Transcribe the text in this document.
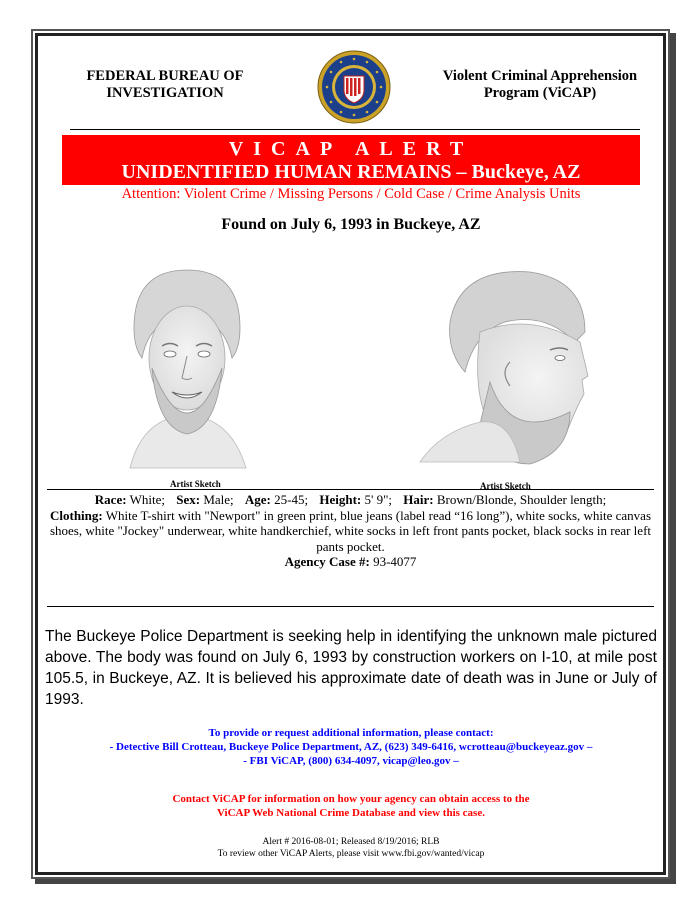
FEDERAL BUREAU OF
INVESTIGATION
Violent Criminal Apprehension
Program (ViCAP)
VICAP ALERT
UNIDENTIFIED HUMAN REMAINS – Buckeye, AZ
Attention: Violent Crime / Missing Persons / Cold Case / Crime Analysis Units
Found on July 6, 1993 in Buckeye, AZ
Artist Sketch	Artist Sketch
Race: White; Sex: Male; Age: 25-45; Height: 5' 9"; Hair: Brown/Blonde, Shoulder length;
Clothing: White T-shirt with "Newport" in green print, blue jeans (label read “16 long”), white socks, white canvas shoes, white "Jockey" underwear, white handkerchief, white socks in left front pants pocket, black socks in rear left pants pocket.
Agency Case #: 93-4077
The Buckeye Police Department is seeking help in identifying the unknown male pictured above. The body was found on July 6, 1993 by construction workers on I-10, at mile post 105.5, in Buckeye, AZ. It is believed his approximate date of death was in June or July of 1993.
To provide or request additional information, please contact:
- Detective Bill Crotteau, Buckeye Police Department, AZ, (623) 349-6416, wcrotteau@buckeyeaz.gov –
- FBI ViCAP, (800) 634-4097, vicap@leo.gov –
Contact ViCAP for information on how your agency can obtain access to the
ViCAP Web National Crime Database and view this case.
Alert # 2016-08-01; Released 8/19/2016; RLB
To review other ViCAP Alerts, please visit www.fbi.gov/wanted/vicap
